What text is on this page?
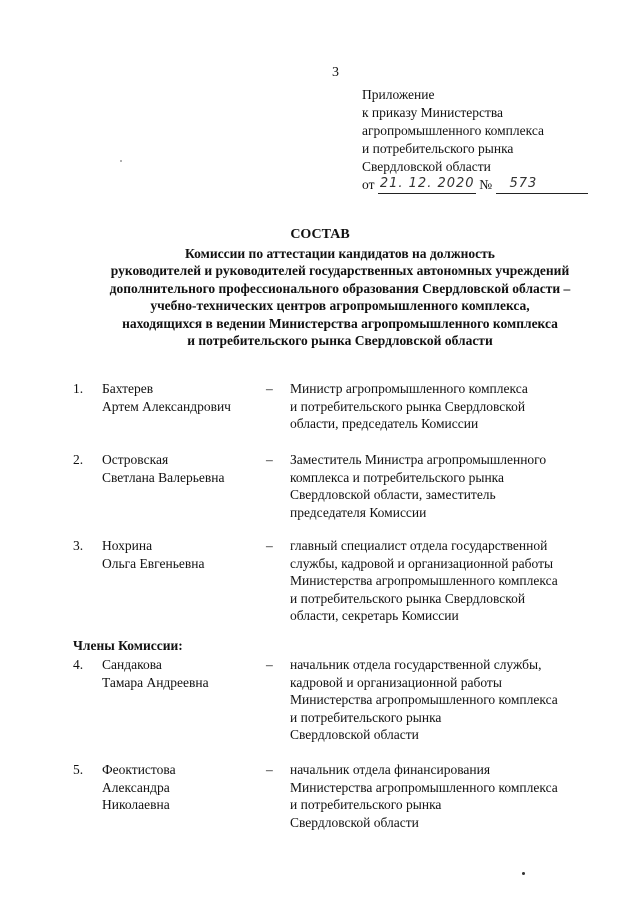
3
Приложение
к приказу Министерства
агропромышленного комплекса
и потребительского рынка
Свердловской области
от 21. 12. 2020 № 573
СОСТАВ
Комиссии по аттестации кандидатов на должность
руководителей и руководителей государственных автономных учреждений
дополнительного профессионального образования Свердловской области –
учебно-технических центров агропромышленного комплекса,
находящихся в ведении Министерства агропромышленного комплекса
и потребительского рынка Свердловской области
1. Бахтерев
Артем Александрович
– Министр агропромышленного комплекса
и потребительского рынка Свердловской
области, председатель Комиссии
2. Островская
Светлана Валерьевна
– Заместитель Министра агропромышленного
комплекса и потребительского рынка
Свердловской области, заместитель
председателя Комиссии
3. Нохрина
Ольга Евгеньевна
– главный специалист отдела государственной
службы, кадровой и организационной работы
Министерства агропромышленного комплекса
и потребительского рынка Свердловской
области, секретарь Комиссии
Члены Комиссии:
4. Сандакова
Тамара Андреевна
– начальник отдела государственной службы,
кадровой и организационной работы
Министерства агропромышленного комплекса
и потребительского рынка
Свердловской области
5. Феоктистова
Александра
Николаевна
– начальник отдела финансирования
Министерства агропромышленного комплекса
и потребительского рынка
Свердловской области
